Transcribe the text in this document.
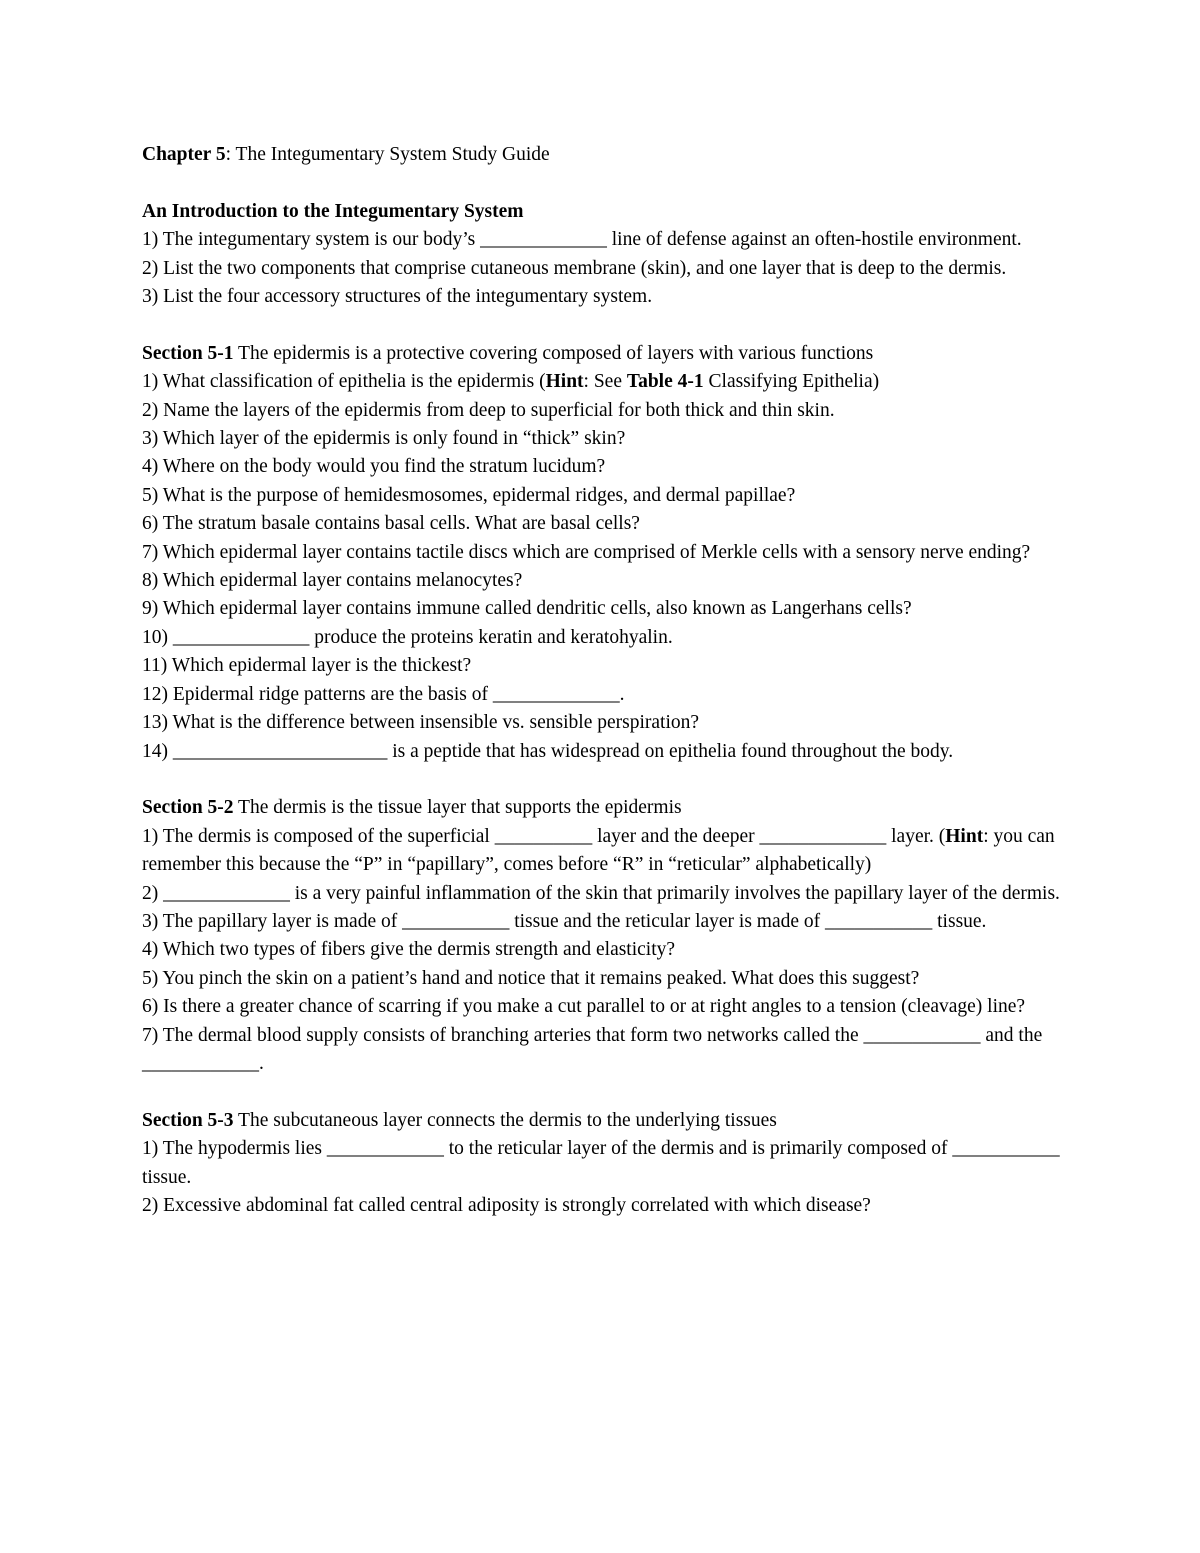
Chapter 5: The Integumentary System Study Guide
An Introduction to the Integumentary System
1) The integumentary system is our body’s _____________ line of defense against an often-hostile environment.
2) List the two components that comprise cutaneous membrane (skin), and one layer that is deep to the dermis.
3) List the four accessory structures of the integumentary system.
Section 5-1 The epidermis is a protective covering composed of layers with various functions
1) What classification of epithelia is the epidermis (Hint: See Table 4-1 Classifying Epithelia)
2) Name the layers of the epidermis from deep to superficial for both thick and thin skin.
3) Which layer of the epidermis is only found in “thick” skin?
4) Where on the body would you find the stratum lucidum?
5) What is the purpose of hemidesmosomes, epidermal ridges, and dermal papillae?
6) The stratum basale contains basal cells. What are basal cells?
7) Which epidermal layer contains tactile discs which are comprised of Merkle cells with a sensory nerve ending?
8) Which epidermal layer contains melanocytes?
9) Which epidermal layer contains immune called dendritic cells, also known as Langerhans cells?
10) ______________ produce the proteins keratin and keratohyalin.
11) Which epidermal layer is the thickest?
12) Epidermal ridge patterns are the basis of _____________.
13) What is the difference between insensible vs. sensible perspiration?
14) ______________________ is a peptide that has widespread on epithelia found throughout the body.
Section 5-2 The dermis is the tissue layer that supports the epidermis
1) The dermis is composed of the superficial __________ layer and the deeper _____________ layer. (Hint: you can remember this because the “P” in “papillary”, comes before “R” in “reticular” alphabetically)
2) _____________ is a very painful inflammation of the skin that primarily involves the papillary layer of the dermis.
3) The papillary layer is made of ___________ tissue and the reticular layer is made of ___________ tissue.
4) Which two types of fibers give the dermis strength and elasticity?
5) You pinch the skin on a patient’s hand and notice that it remains peaked. What does this suggest?
6) Is there a greater chance of scarring if you make a cut parallel to or at right angles to a tension (cleavage) line?
7) The dermal blood supply consists of branching arteries that form two networks called the ____________ and the ____________.
Section 5-3 The subcutaneous layer connects the dermis to the underlying tissues
1) The hypodermis lies ____________ to the reticular layer of the dermis and is primarily composed of ___________ tissue.
2) Excessive abdominal fat called central adiposity is strongly correlated with which disease?
